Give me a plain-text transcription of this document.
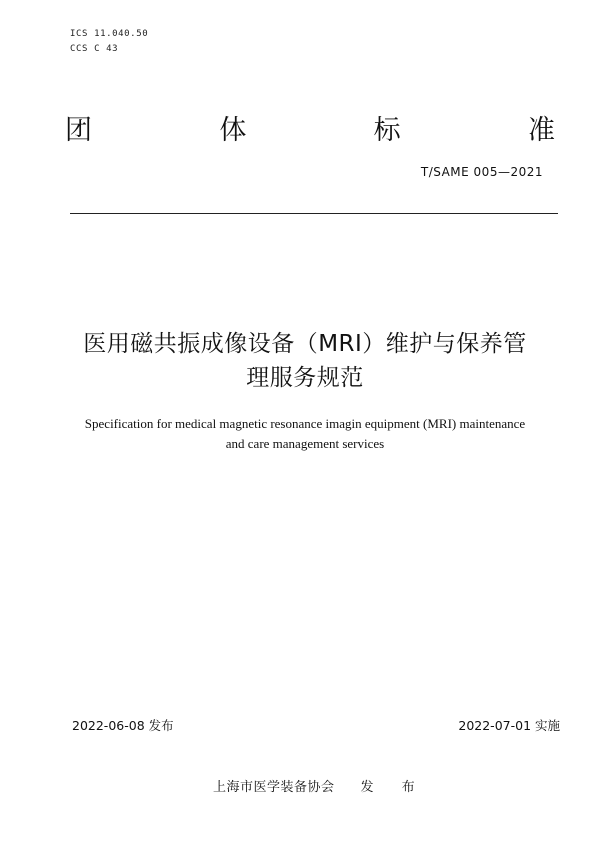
ICS 11.040.50
CCS C 43
团	体	标	准
T/SAME 005—2021
医用磁共振成像设备（MRI）维护与保养管
理服务规范
Specification for medical magnetic resonance imagin equipment (MRI) maintenance
and care management services
2022-06-08 发布	2022-07-01 实施
上海市医学装备协会 发 布
